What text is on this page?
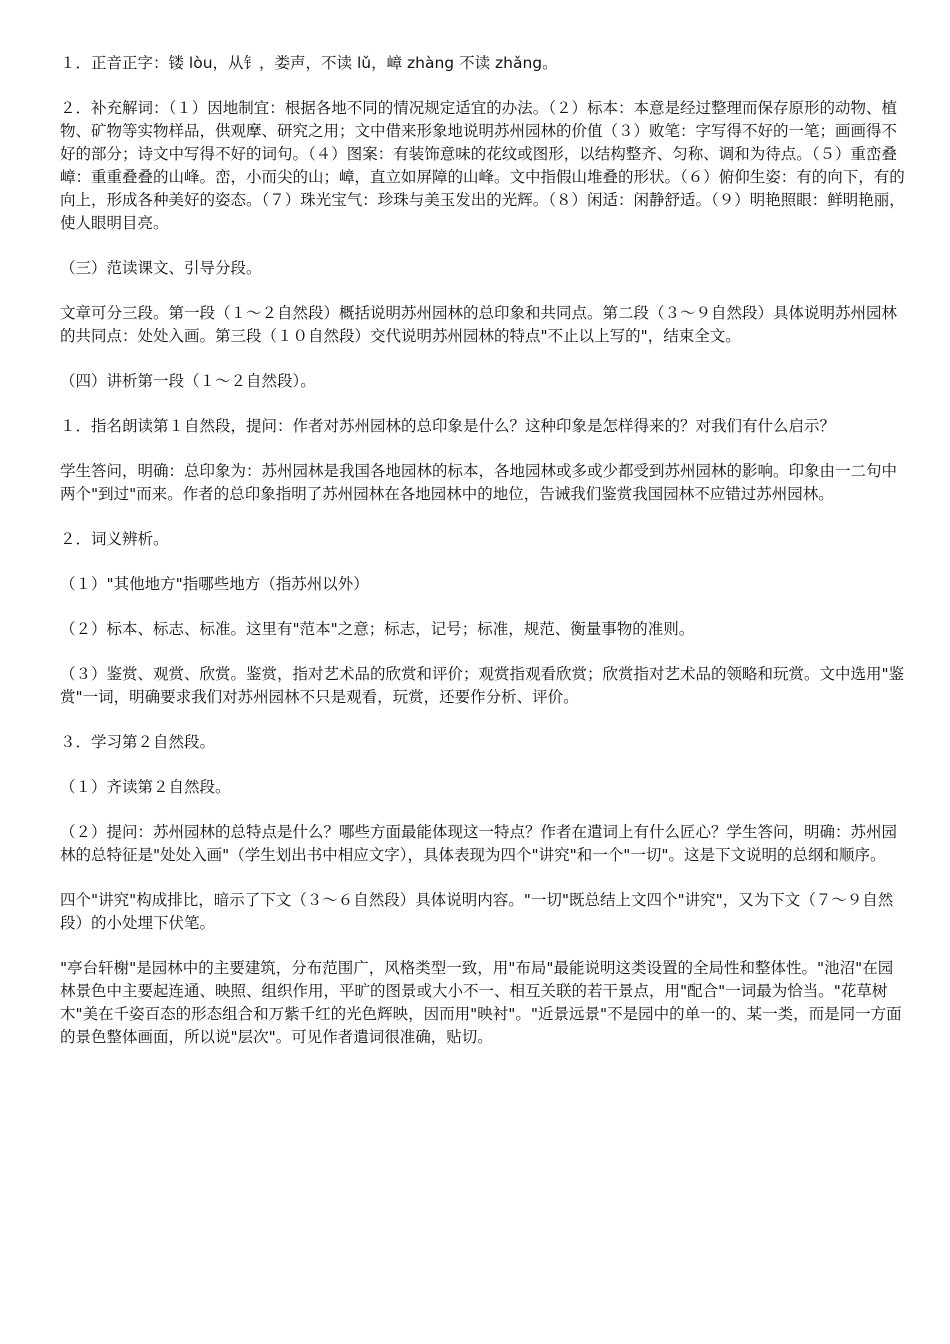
１．正音正字：镂 lòu，从钅，娄声，不读 lǔ，嶂 zhàng 不读 zhǎng。

２．补充解词：（１）因地制宜：根据各地不同的情况规定适宜的办法。（２）标本：本意是经过整理而保存原形的动物、植物、矿物等实物样品，供观摩、研究之用；文中借来形象地说明苏州园林的价值（３）败笔：字写得不好的一笔；画画得不好的部分；诗文中写得不好的词句。（４）图案：有装饰意味的花纹或图形，以结构整齐、匀称、调和为待点。（５）重峦叠嶂：重重叠叠的山峰。峦，小而尖的山；嶂，直立如屏障的山峰。文中指假山堆叠的形状。（６）俯仰生姿：有的向下，有的向上，形成各种美好的姿态。（７）珠光宝气：珍珠与美玉发出的光辉。（８）闲适：闲静舒适。（９）明艳照眼：鲜明艳丽，使人眼明目亮。

（三）范读课文、引导分段。

文章可分三段。第一段（１～２自然段）概括说明苏州园林的总印象和共同点。第二段（３～９自然段）具体说明苏州园林的共同点：处处入画。第三段（１０自然段）交代说明苏州园林的特点"不止以上写的"，结束全文。

（四）讲析第一段（１～２自然段）。

１．指名朗读第１自然段，提问：作者对苏州园林的总印象是什么？这种印象是怎样得来的？对我们有什么启示？

学生答问，明确：总印象为：苏州园林是我国各地园林的标本，各地园林或多或少都受到苏州园林的影响。印象由一二句中两个"到过"而来。作者的总印象指明了苏州园林在各地园林中的地位，告诫我们鉴赏我国园林不应错过苏州园林。

２．词义辨析。

（１）"其他地方"指哪些地方（指苏州以外）

（２）标本、标志、标准。这里有"范本"之意；标志，记号；标准，规范、衡量事物的准则。

（３）鉴赏、观赏、欣赏。鉴赏，指对艺术品的欣赏和评价；观赏指观看欣赏；欣赏指对艺术品的领略和玩赏。文中选用"鉴赏"一词，明确要求我们对苏州园林不只是观看，玩赏，还要作分析、评价。

３．学习第２自然段。

（１）齐读第２自然段。

（２）提问：苏州园林的总特点是什么？哪些方面最能体现这一特点？作者在遣词上有什么匠心？学生答问，明确：苏州园林的总特征是"处处入画"（学生划出书中相应文字），具体表现为四个"讲究"和一个"一切"。这是下文说明的总纲和顺序。

四个"讲究"构成排比，暗示了下文（３～６自然段）具体说明内容。"一切"既总结上文四个"讲究"，又为下文（７～９自然段）的小处埋下伏笔。

"亭台轩榭"是园林中的主要建筑，分布范围广，风格类型一致，用"布局"最能说明这类设置的全局性和整体性。"池沼"在园林景色中主要起连通、映照、组织作用，平旷的图景或大小不一、相互关联的若干景点，用"配合"一词最为恰当。"花草树木"美在千姿百态的形态组合和万紫千红的光色辉映，因而用"映衬"。"近景远景"不是园中的单一的、某一类，而是同一方面的景色整体画面，所以说"层次"。可见作者遣词很准确，贴切。
